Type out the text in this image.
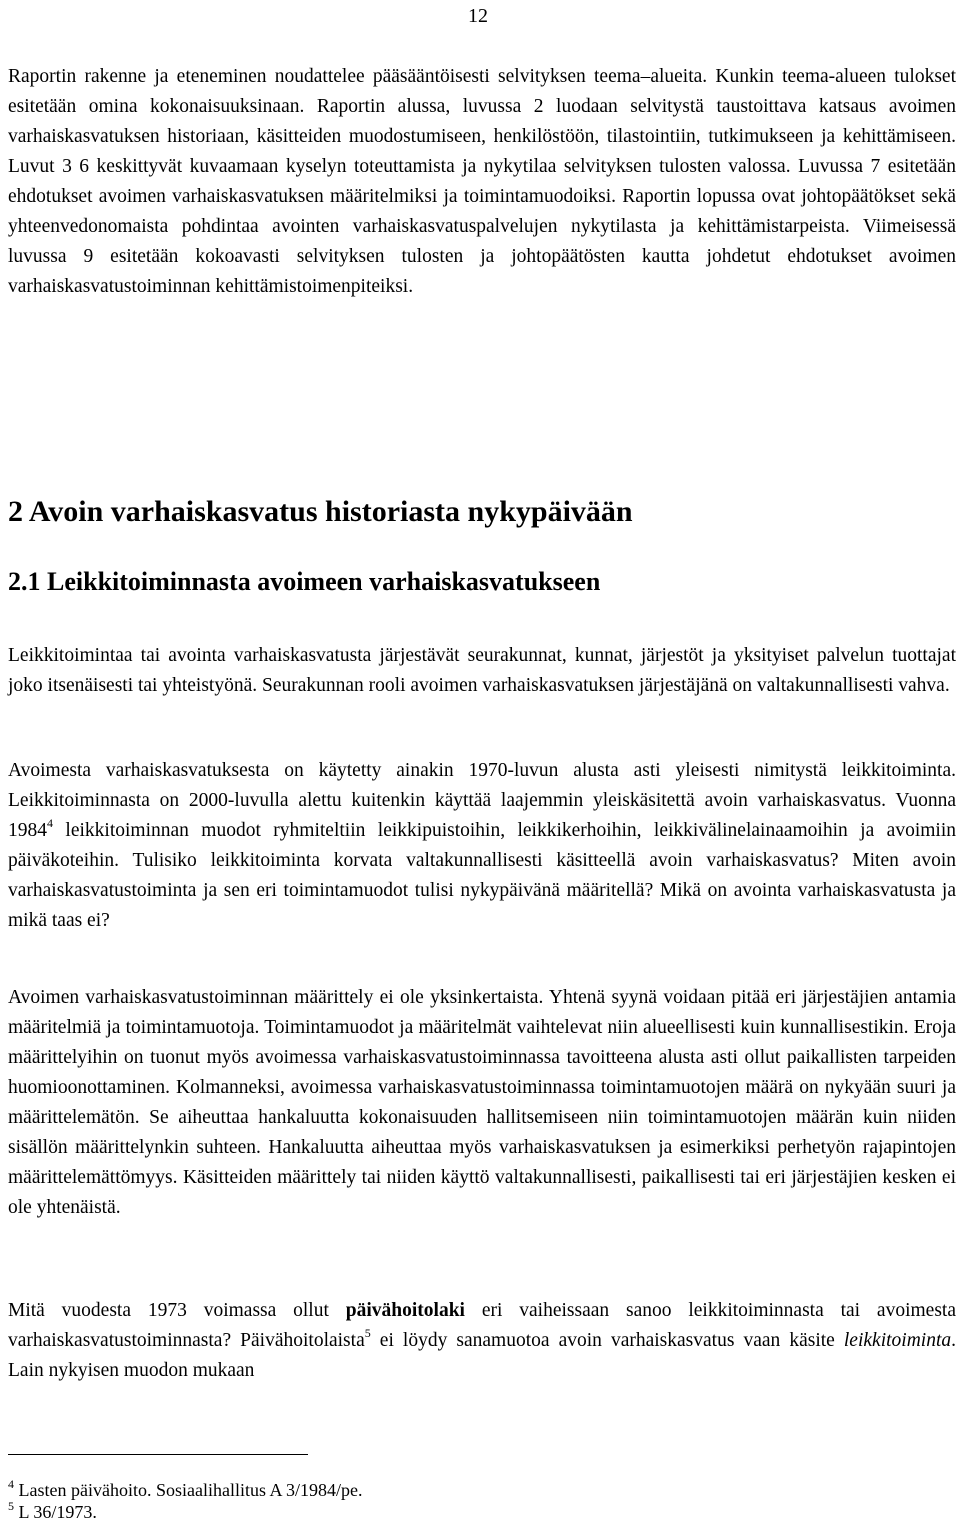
12

Raportin rakenne ja eteneminen noudattelee pääsääntöisesti selvityksen teema–alueita. Kunkin teema-alueen tulokset esitetään omina kokonaisuuksinaan. Raportin alussa, luvussa 2 luodaan selvitystä taustoittava katsaus avoimen varhaiskasvatuksen historiaan, käsitteiden muodostumiseen, henkilöstöön, tilastointiin, tutkimukseen ja kehittämiseen. Luvut 3 6 keskittyvät kuvaamaan kyselyn toteuttamista ja nykytilaa selvityksen tulosten valossa. Luvussa 7 esitetään ehdotukset avoimen varhaiskasvatuksen määritelmiksi ja toimintamuodoiksi. Raportin lopussa ovat johtopäätökset sekä yhteenvedonomaista pohdintaa avointen varhaiskasvatuspalvelujen nykytilasta ja kehittämistarpeista. Viimeisessä luvussa 9 esitetään kokoavasti selvityksen tulosten ja johtopäätösten kautta johdetut ehdotukset avoimen varhaiskasvatustoiminnan kehittämistoimenpiteiksi.

2 Avoin varhaiskasvatus historiasta nykypäivään
2.1 Leikkitoiminnasta avoimeen varhaiskasvatukseen

Leikkitoimintaa tai avointa varhaiskasvatusta järjestävät seurakunnat, kunnat, järjestöt ja yksityiset palvelun tuottajat joko itsenäisesti tai yhteistyönä. Seurakunnan rooli avoimen varhaiskasvatuksen järjestäjänä on valtakunnallisesti vahva.

Avoimesta varhaiskasvatuksesta on käytetty ainakin 1970-luvun alusta asti yleisesti nimitystä leikkitoiminta. Leikkitoiminnasta on 2000-luvulla alettu kuitenkin käyttää laajemmin yleiskäsitettä avoin varhaiskasvatus. Vuonna 1984$^4$ leikkitoiminnan muodot ryhmiteltiin leikkipuistoihin, leikkikerhoihin, leikkivälinelainaamoihin ja avoimiin päiväkoteihin. Tulisiko leikkitoiminta korvata valtakunnallisesti käsitteellä avoin varhaiskasvatus? Miten avoin varhaiskasvatustoiminta ja sen eri toimintamuodot tulisi nykypäivänä määritellä? Mikä on avointa varhaiskasvatusta ja mikä taas ei?

Avoimen varhaiskasvatustoiminnan määrittely ei ole yksinkertaista. Yhtenä syynä voidaan pitää eri järjestäjien antamia määritelmiä ja toimintamuotoja. Toimintamuodot ja määritelmät vaihtelevat niin alueellisesti kuin kunnallisestikin. Eroja määrittelyihin on tuonut myös avoimessa varhaiskasvatustoiminnassa tavoitteena alusta asti ollut paikallisten tarpeiden huomioonottaminen. Kolmanneksi, avoimessa varhaiskasvatustoiminnassa toimintamuotojen määrä on nykyään suuri ja määrittelemätön. Se aiheuttaa hankaluutta kokonaisuuden hallitsemiseen niin toimintamuotojen määrän kuin niiden sisällön määrittelynkin suhteen. Hankaluutta aiheuttaa myös varhaiskasvatuksen ja esimerkiksi perhetyön rajapintojen määrittelemättömyys. Käsitteiden määrittely tai niiden käyttö valtakunnallisesti, paikallisesti tai eri järjestäjien kesken ei ole yhtenäistä.

Mitä vuodesta 1973 voimassa ollut päivähoitolaki eri vaiheissaan sanoo leikkitoiminnasta tai avoimesta varhaiskasvatustoiminnasta? Päivähoitolaista$^5$ ei löydy sanamuotoa avoin varhaiskasvatus vaan käsite leikkitoiminta. Lain nykyisen muodon mukaan

$^4$ Lasten päivähoito. Sosiaalihallitus A 3/1984/pe.

$^5$ L 36/1973.
